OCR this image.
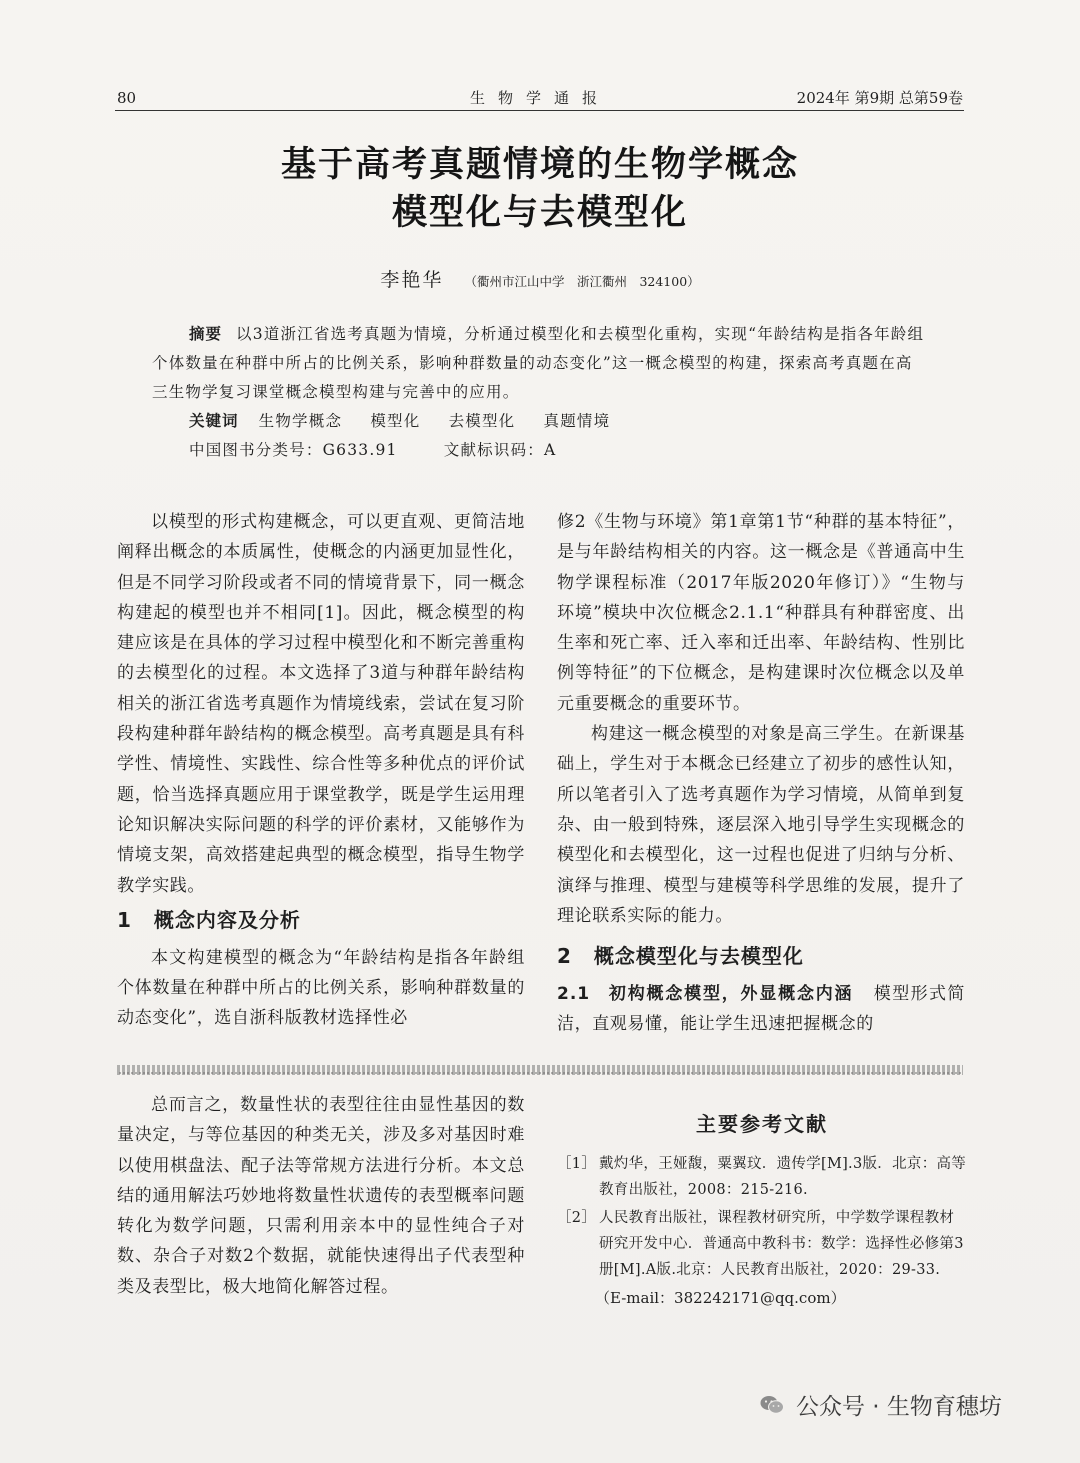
80	生物学通报	2024年 第9期 总第59卷
基于高考真题情境的生物学概念
模型化与去模型化
李艳华 （衢州市江山中学　浙江衢州　324100）

摘要 以3道浙江省选考真题为情境，分析通过模型化和去模型化重构，实现“年龄结构是指各年龄组个体数量在种群中所占的比例关系，影响种群数量的动态变化”这一概念模型的构建，探索高考真题在高三生物学复习课堂概念模型构建与完善中的应用。

关键词 生物学概念 模型化 去模型化 真题情境

中国图书分类号：G633.91	文献标识码：A

以模型的形式构建概念，可以更直观、更简洁地阐释出概念的本质属性，使概念的内涵更加显性化，但是不同学习阶段或者不同的情境背景下，同一概念构建起的模型也并不相同[1]。因此，概念模型的构建应该是在具体的学习过程中模型化和不断完善重构的去模型化的过程。本文选择了3道与种群年龄结构相关的浙江省选考真题作为情境线索，尝试在复习阶段构建种群年龄结构的概念模型。高考真题是具有科学性、情境性、实践性、综合性等多种优点的评价试题，恰当选择真题应用于课堂教学，既是学生运用理论知识解决实际问题的科学的评价素材，又能够作为情境支架，高效搭建起典型的概念模型，指导生物学教学实践。

1 概念内容及分析

本文构建模型的概念为“年龄结构是指各年龄组个体数量在种群中所占的比例关系，影响种群数量的动态变化”，选自浙科版教材选择性必

修2《生物与环境》第1章第1节“种群的基本特征”，是与年龄结构相关的内容。这一概念是《普通高中生物学课程标准（2017年版2020年修订）》“生物与环境”模块中次位概念2.1.1“种群具有种群密度、出生率和死亡率、迁入率和迁出率、年龄结构、性别比例等特征”的下位概念，是构建课时次位概念以及单元重要概念的重要环节。

构建这一概念模型的对象是高三学生。在新课基础上，学生对于本概念已经建立了初步的感性认知，所以笔者引入了选考真题作为学习情境，从简单到复杂、由一般到特殊，逐层深入地引导学生实现概念的模型化和去模型化，这一过程也促进了归纳与分析、演绎与推理、模型与建模等科学思维的发展，提升了理论联系实际的能力。

2 概念模型化与去模型化

2.1 初构概念模型，外显概念内涵 模型形式简洁，直观易懂，能让学生迅速把握概念的

总而言之，数量性状的表型往往由显性基因的数量决定，与等位基因的种类无关，涉及多对基因时难以使用棋盘法、配子法等常规方法进行分析。本文总结的通用解法巧妙地将数量性状遗传的表型概率问题转化为数学问题，只需利用亲本中的显性纯合子对数、杂合子对数2个数据，就能快速得出子代表型种类及表型比，极大地简化解答过程。

主要参考文献
［1］ 戴灼华，王娅馥，粟翼玟．遗传学[M].3版．北京：高等教育出版社，2008：215-216.
［2］ 人民教育出版社，课程教材研究所，中学数学课程教材研究开发中心．普通高中教科书：数学：选择性必修第3册[M].A版.北京：人民教育出版社，2020：29-33.
（E-mail：382242171@qq.com）
公众号 · 生物育穗坊
